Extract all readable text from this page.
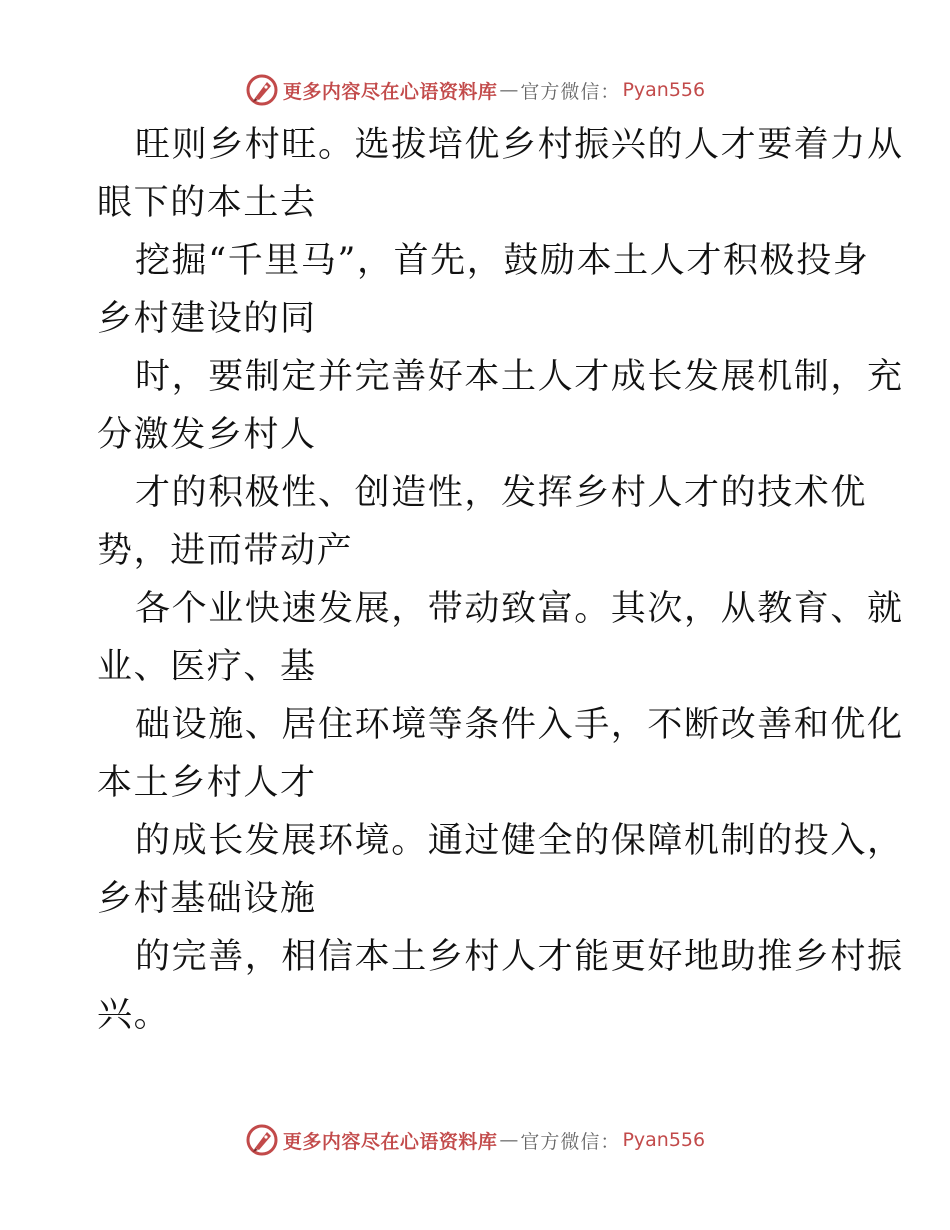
更多内容尽在心语资料库 — 官方微信： Pyan556
旺则乡村旺。选拔培优乡村振兴的人才要着力从
眼下的本土去
挖掘“千里马”，首先，鼓励本土人才积极投身
乡村建设的同
时，要制定并完善好本土人才成长发展机制，充
分激发乡村人
才的积极性、创造性，发挥乡村人才的技术优
势，进而带动产
各个业快速发展，带动致富。其次，从教育、就
业、医疗、基
础设施、居住环境等条件入手，不断改善和优化
本土乡村人才
的成长发展环境。通过健全的保障机制的投入，
乡村基础设施
的完善，相信本土乡村人才能更好地助推乡村振
兴。
更多内容尽在心语资料库 — 官方微信： Pyan556
